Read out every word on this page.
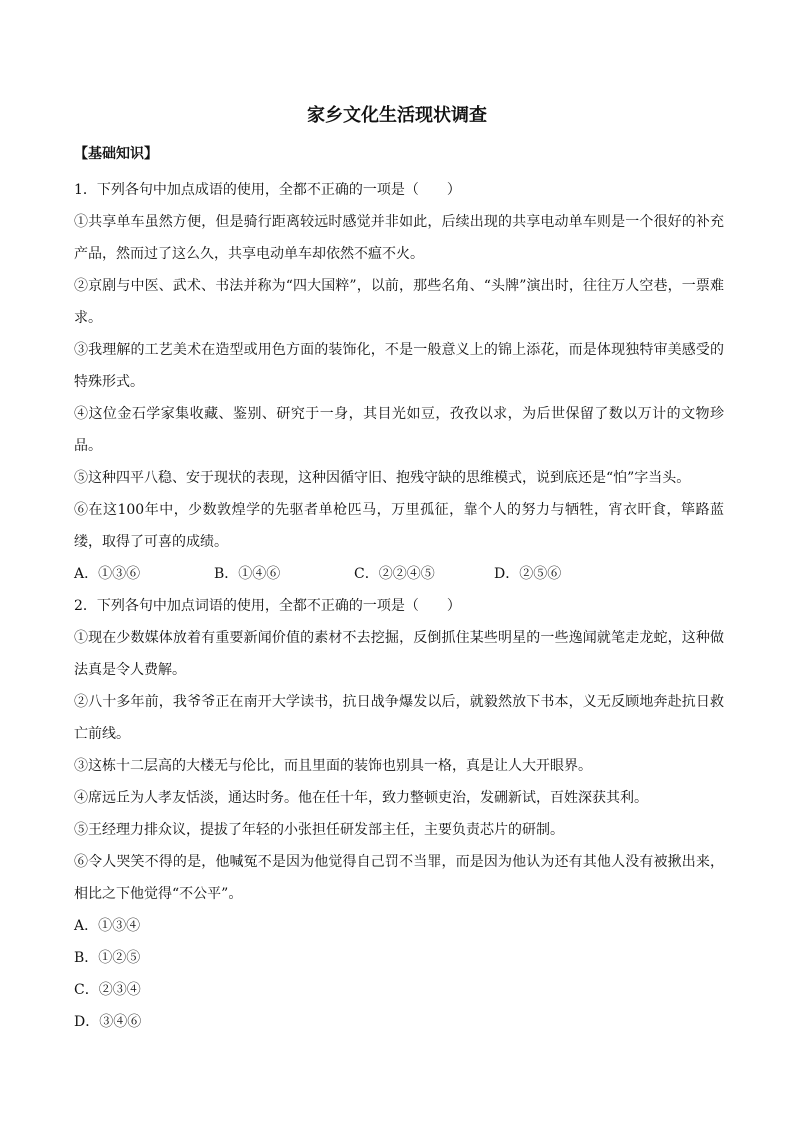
家乡文化生活现状调查
【基础知识】

1．下列各句中加点成语的使用，全都不正确的一项是（　　）

①共享单车虽然方便，但是骑行距离较远时感觉并非如此，后续出现的共享电动单车则是一个很好的补充产品，然而过了这么久，共享电动单车却依然不瘟不火。

②京剧与中医、武术、书法并称为“四大国粹”，以前，那些名角、“头牌”演出时，往往万人空巷，一票难求。

③我理解的工艺美术在造型或用色方面的装饰化，不是一般意义上的锦上添花，而是体现独特审美感受的特殊形式。

④这位金石学家集收藏、鉴别、研究于一身，其目光如豆，孜孜以求，为后世保留了数以万计的文物珍品。

⑤这种四平八稳、安于现状的表现，这种因循守旧、抱残守缺的思维模式，说到底还是“怕”字当头。

⑥在这100年中，少数敦煌学的先驱者单枪匹马，万里孤征，靠个人的努力与牺牲，宵衣旰食，筚路蓝缕，取得了可喜的成绩。

A．①③⑥	B．①④⑥	C．②②④⑤	D．②⑤⑥

2．下列各句中加点词语的使用，全都不正确的一项是（　　）

①现在少数媒体放着有重要新闻价值的素材不去挖掘，反倒抓住某些明星的一些逸闻就笔走龙蛇，这种做法真是令人费解。

②八十多年前，我爷爷正在南开大学读书，抗日战争爆发以后，就毅然放下书本，义无反顾地奔赴抗日救亡前线。

③这栋十二层高的大楼无与伦比，而且里面的装饰也别具一格，真是让人大开眼界。

④席远丘为人孝友恬淡，通达时务。他在任十年，致力整顿吏治，发硎新试，百姓深获其利。

⑤王经理力排众议，提拔了年轻的小张担任研发部主任，主要负责芯片的研制。

⑥令人哭笑不得的是，他喊冤不是因为他觉得自己罚不当罪，而是因为他认为还有其他人没有被揪出来，相比之下他觉得“不公平”。

A．①③④

B．①②⑤

C．②③④

D．③④⑥
